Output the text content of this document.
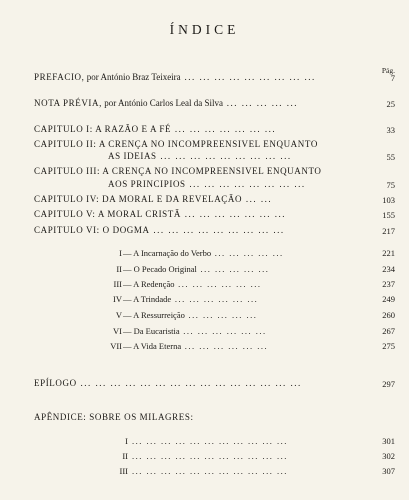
ÍNDICE
Pág.
PREFACIO, por António Braz Teixeira ... ... ... ... ... ... ... ... ...	7
NOTA PRÉVIA, por António Carlos Leal da Silva ... ... ... ... ...	25
CAPITULO I: A RAZÃO E A FÉ ... ... ... ... ... ... ...	33
CAPITULO II: A CRENÇA NO INCOMPREENSIVEL ENQUANTO
AS IDEIAS ... ... ... ... ... ... ... ... ...	55
CAPITULO III: A CRENÇA NO INCOMPREENSIVEL ENQUANTO
AOS PRINCIPIOS ... ... ... ... ... ... ... ...	75
CAPITULO IV: DA MORAL E DA REVELAÇÃO ... ...	103
CAPITULO V: A MORAL CRISTÃ ... ... ... ... ... ... ...	155
CAPITULO VI: O DOGMA ... ... ... ... ... ... ... ... ...	217
I — A Incarnação do Verbo ... ... ... ... ...	221
II — O Pecado Original ... ... ... ... ...	234
III — A Redenção ... ... ... ... ... ...	237
IV — A Trindade ... ... ... ... ... ...	249
V — A Ressurreição ... ... ... ... ...	260
VI — Da Eucaristia ... ... ... ... ... ...	267
VII — A Vida Eterna ... ... ... ... ... ...	275
EPÍLOGO ... ... ... ... ... ... ... ... ... ... ... ... ... ... ...	297
APÊNDICE: SOBRE OS MILAGRES:
I ... ... ... ... ... ... ... ... ... ... ...	301
II ... ... ... ... ... ... ... ... ... ... ...	302
III ... ... ... ... ... ... ... ... ... ... ...	307
